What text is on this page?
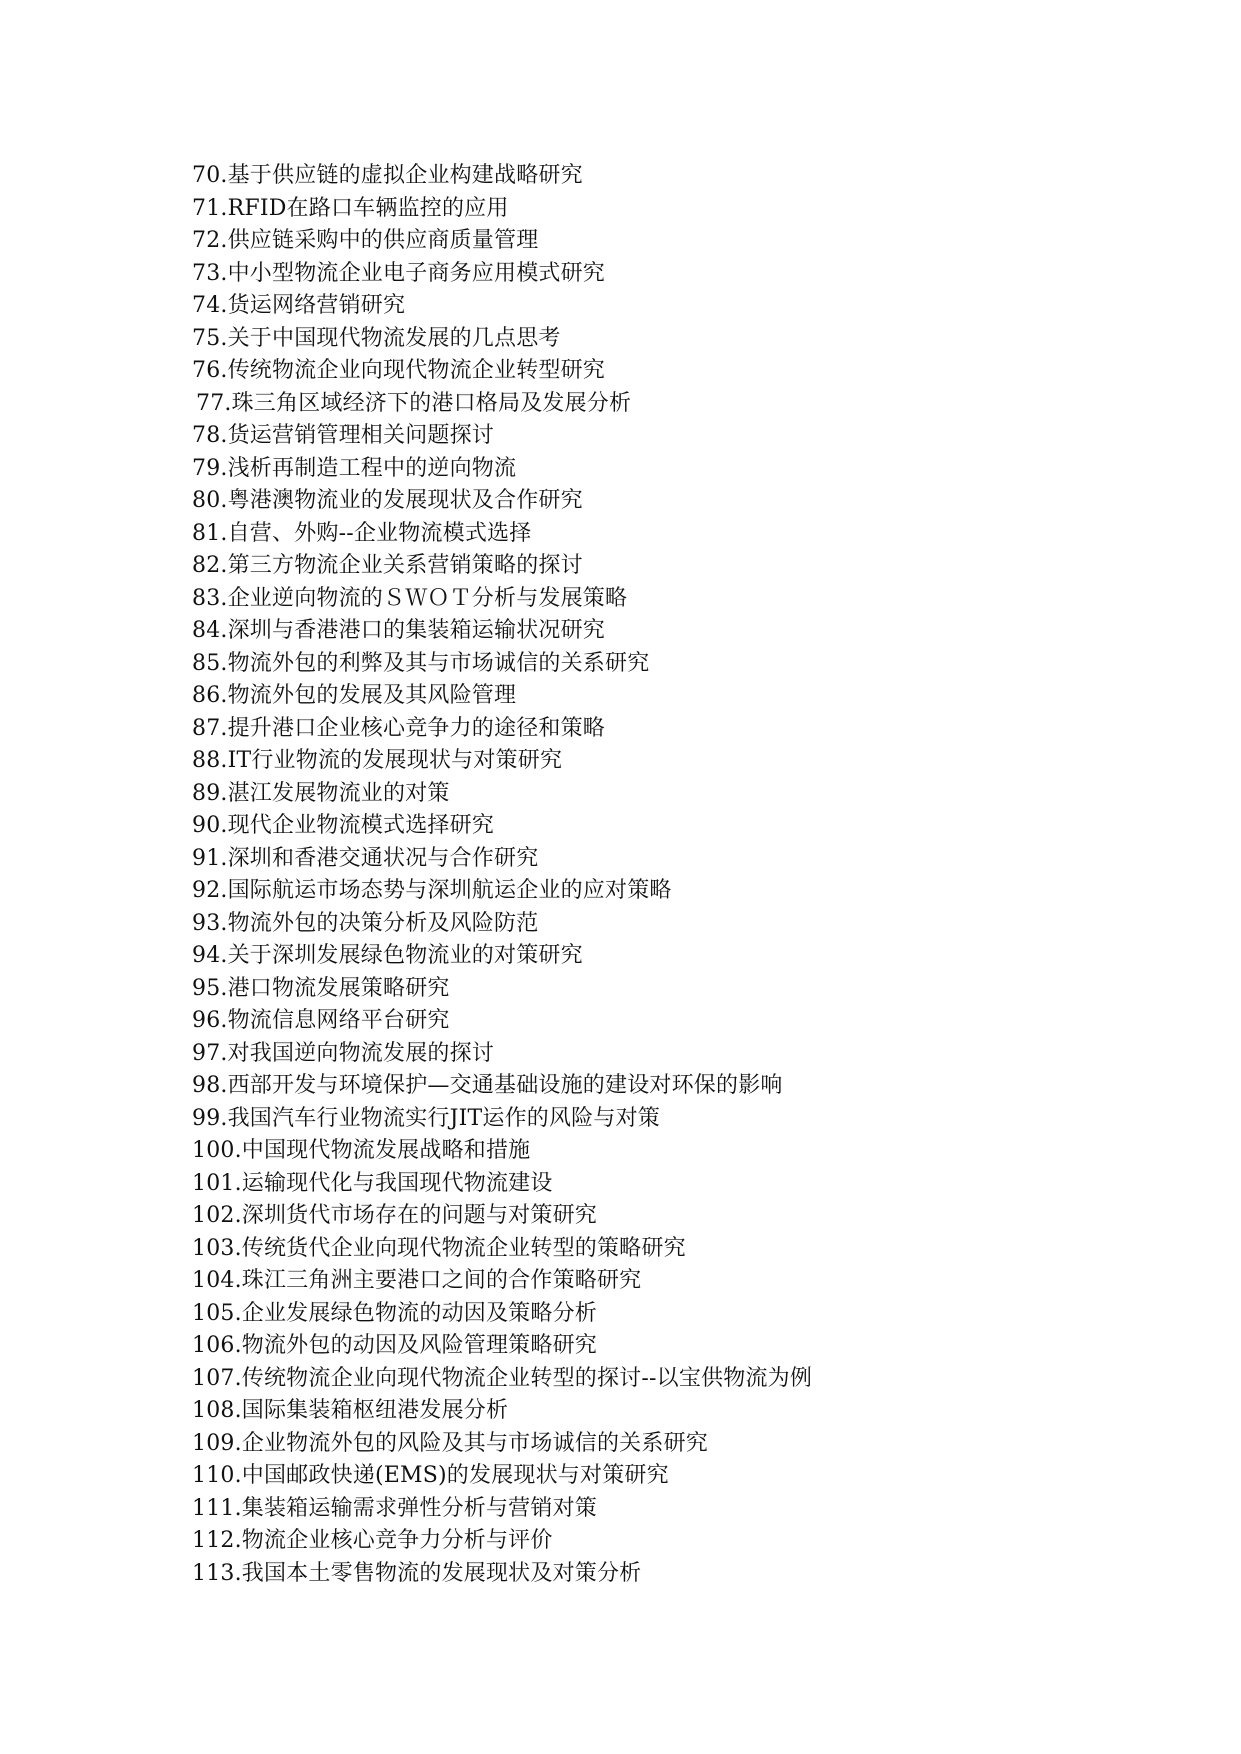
70.基于供应链的虚拟企业构建战略研究
71.RFID在路口车辆监控的应用
72.供应链采购中的供应商质量管理
73.中小型物流企业电子商务应用模式研究
74.货运网络营销研究
75.关于中国现代物流发展的几点思考
76.传统物流企业向现代物流企业转型研究
77.珠三角区域经济下的港口格局及发展分析
78.货运营销管理相关问题探讨
79.浅析再制造工程中的逆向物流
80.粤港澳物流业的发展现状及合作研究
81.自营、外购--企业物流模式选择
82.第三方物流企业关系营销策略的探讨
83.企业逆向物流的ＳＷＯＴ分析与发展策略
84.深圳与香港港口的集装箱运输状况研究
85.物流外包的利弊及其与市场诚信的关系研究
86.物流外包的发展及其风险管理
87.提升港口企业核心竞争力的途径和策略
88.IT行业物流的发展现状与对策研究
89.湛江发展物流业的对策
90.现代企业物流模式选择研究
91.深圳和香港交通状况与合作研究
92.国际航运市场态势与深圳航运企业的应对策略
93.物流外包的决策分析及风险防范
94.关于深圳发展绿色物流业的对策研究
95.港口物流发展策略研究
96.物流信息网络平台研究
97.对我国逆向物流发展的探讨
98.西部开发与环境保护—交通基础设施的建设对环保的影响
99.我国汽车行业物流实行JIT运作的风险与对策
100.中国现代物流发展战略和措施
101.运输现代化与我国现代物流建设
102.深圳货代市场存在的问题与对策研究
103.传统货代企业向现代物流企业转型的策略研究
104.珠江三角洲主要港口之间的合作策略研究
105.企业发展绿色物流的动因及策略分析
106.物流外包的动因及风险管理策略研究
107.传统物流企业向现代物流企业转型的探讨--以宝供物流为例
108.国际集装箱枢纽港发展分析
109.企业物流外包的风险及其与市场诚信的关系研究
110.中国邮政快递(EMS)的发展现状与对策研究
111.集装箱运输需求弹性分析与营销对策
112.物流企业核心竞争力分析与评价
113.我国本土零售物流的发展现状及对策分析
